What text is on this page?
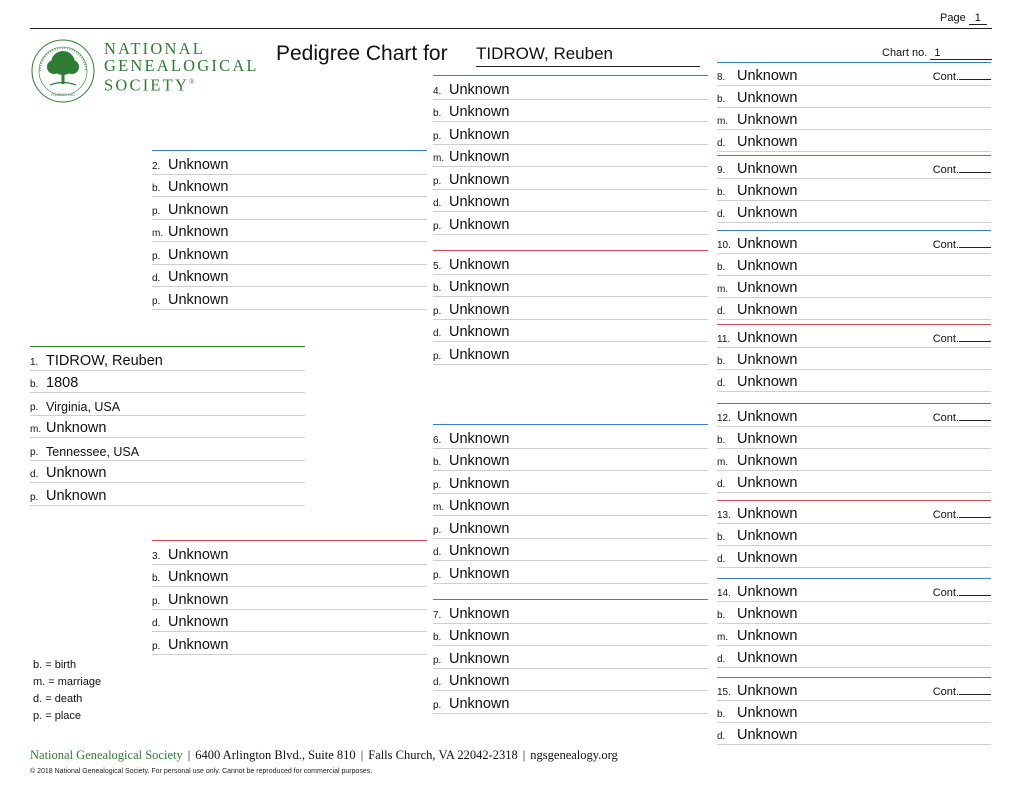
Page 1
FOUNDED 1903
NATIONAL
GENEALOGICAL
SOCIETY®
Pedigree Chart for TIDROW, Reuben	Chart no. 1
1. TIDROW, Reuben
b. 1808
p. Virginia, USA
m. Unknown
p. Tennessee, USA
d. Unknown
p. Unknown
2. Unknown
b. Unknown
p. Unknown
m. Unknown
p. Unknown
d. Unknown
p. Unknown
3. Unknown
b. Unknown
p. Unknown
d. Unknown
p. Unknown
4. Unknown
b. Unknown
p. Unknown
m. Unknown
p. Unknown
d. Unknown
p. Unknown
5. Unknown
b. Unknown
p. Unknown
d. Unknown
p. Unknown
6. Unknown
b. Unknown
p. Unknown
m. Unknown
p. Unknown
d. Unknown
p. Unknown
7. Unknown
b. Unknown
p. Unknown
d. Unknown
p. Unknown
8. Unknown	Cont.
b. Unknown
m. Unknown
d. Unknown
9. Unknown	Cont.
b. Unknown
d. Unknown
10. Unknown	Cont.
b. Unknown
m. Unknown
d. Unknown
11. Unknown	Cont.
b. Unknown
d. Unknown
12. Unknown	Cont.
b. Unknown
m. Unknown
d. Unknown
13. Unknown	Cont.
b. Unknown
d. Unknown
14. Unknown	Cont.
b. Unknown
m. Unknown
d. Unknown
15. Unknown	Cont.
b. Unknown
d. Unknown
b. = birth
m. = marriage
d. = death
p. = place
National Genealogical Society | 6400 Arlington Blvd., Suite 810 | Falls Church, VA 22042-2318 | ngsgenealogy.org
© 2018 National Genealogical Society. For personal use only. Cannot be reproduced for commercial purposes.
